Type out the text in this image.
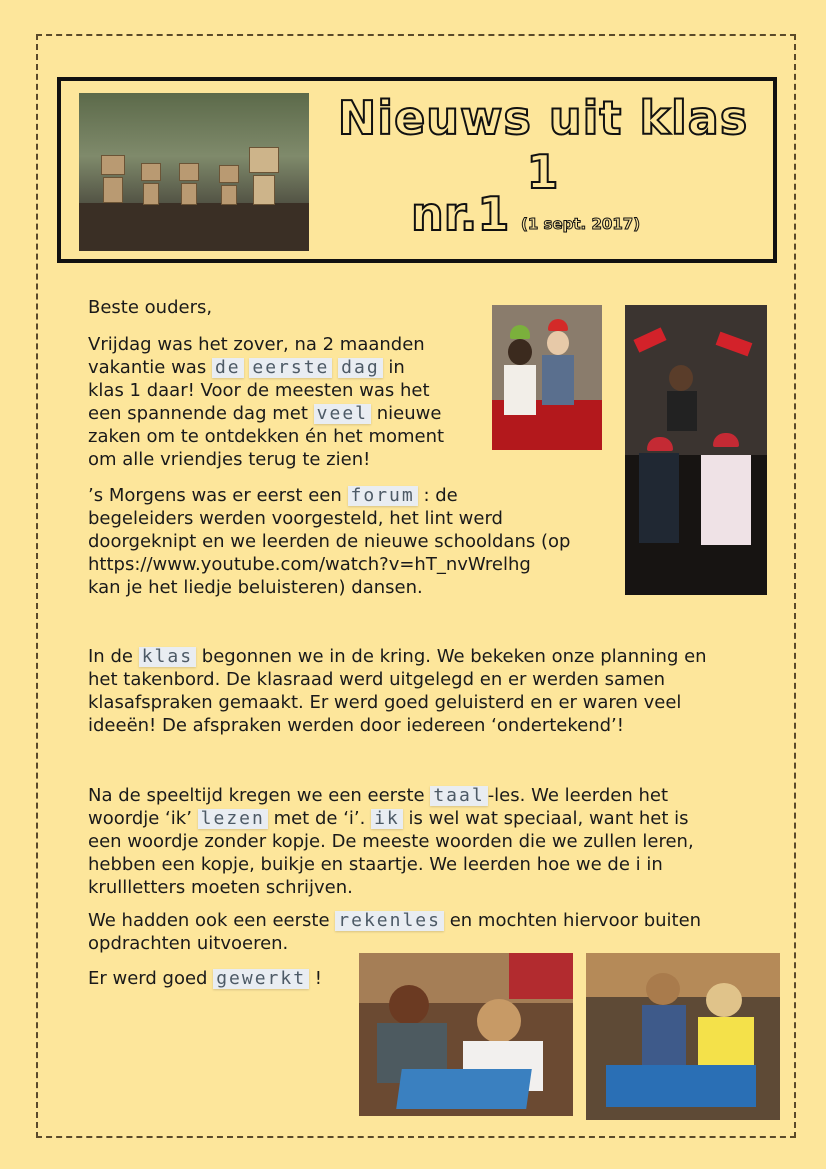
Nieuws uit klas 1
nr.1 (1 sept. 2017)
Beste ouders,
Vrijdag was het zover, na 2 maanden
vakantie was de eerste dag in
klas 1 daar! Voor de meesten was het
een spannende dag met veel nieuwe
zaken om te ontdekken én het moment
om alle vriendjes terug te zien!
’s Morgens was er eerst een forum : de
begeleiders werden voorgesteld, het lint werd
doorgeknipt en we leerden de nieuwe schooldans (op
https://www.youtube.com/watch?v=hT_nvWrelhg
kan je het liedje beluisteren) dansen.
In de klas begonnen we in de kring. We bekeken onze planning en
het takenbord. De klasraad werd uitgelegd en er werden samen
klasafspraken gemaakt. Er werd goed geluisterd en er waren veel
ideeën! De afspraken werden door iedereen ‘ondertekend’!
Na de speeltijd kregen we een eerste taal -les. We leerden het
woordje ‘ik’ lezen met de ‘i’. ik is wel wat speciaal, want het is
een woordje zonder kopje. De meeste woorden die we zullen leren,
hebben een kopje, buikje en staartje. We leerden hoe we de i in
krullletters moeten schrijven.
We hadden ook een eerste rekenles en mochten hiervoor buiten
opdrachten uitvoeren.
Er werd goed gewerkt !
